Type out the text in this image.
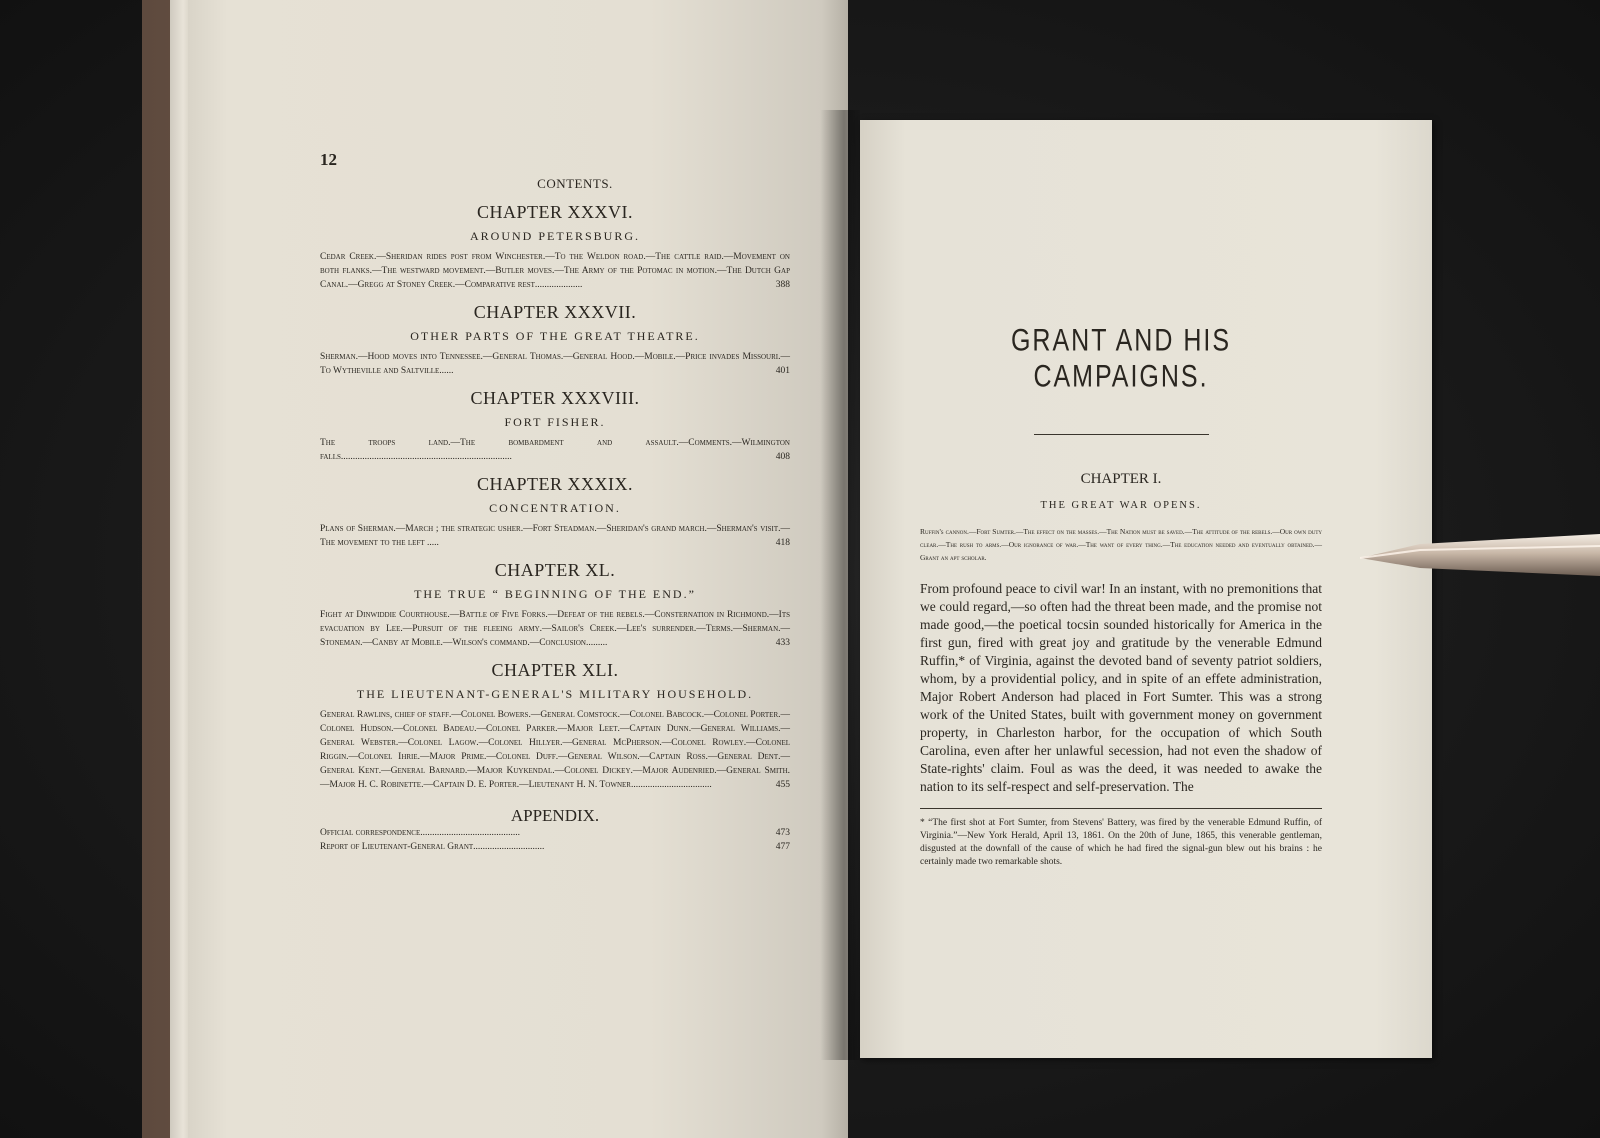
12
CONTENTS.
CHAPTER XXXVI.
AROUND PETERSBURG.
Cedar Creek.—Sheridan rides post from Winchester.—To the Weldon road.—The cattle raid.—Movement on both flanks.—The westward movement.—Butler moves.—The Army of the Potomac in motion.—The Dutch Gap Canal.—Gregg at Stoney Creek.—Comparative rest....................	388
CHAPTER XXXVII.
OTHER PARTS OF THE GREAT THEATRE.
Sherman.—Hood moves into Tennessee.—General Thomas.—General Hood.—Mobile.—Price invades Missouri.—To Wytheville and Saltville......	401
CHAPTER XXXVIII.
FORT FISHER.
The troops land.—The bombardment and assault.—Comments.—Wilmington falls........................................................................	408
CHAPTER XXXIX.
CONCENTRATION.
Plans of Sherman.—March ; the strategic usher.—Fort Steadman.—Sheridan's grand march.—Sherman's visit.—The movement to the left .....	418
CHAPTER XL.
THE TRUE “ BEGINNING OF THE END.”
Fight at Dinwiddie Courthouse.—Battle of Five Forks.—Defeat of the rebels.—Consternation in Richmond.—Its evacuation by Lee.—Pursuit of the fleeing army.—Sailor's Creek.—Lee's surrender.—Terms.—Sherman.—Stoneman.—Canby at Mobile.—Wilson's command.—Conclusion.........	433
CHAPTER XLI.
THE LIEUTENANT-GENERAL'S MILITARY HOUSEHOLD.
General Rawlins, chief of staff.—Colonel Bowers.—General Comstock.—Colonel Babcock.—Colonel Porter.—Colonel Hudson.—Colonel Badeau.—Colonel Parker.—Major Leet.—Captain Dunn.—General Williams.—General Webster.—Colonel Lagow.—Colonel Hillyer.—General McPherson.—Colonel Rowley.—Colonel Riggin.—Colonel Ihrie.—Major Prime.—Colonel Duff.—General Wilson.—Captain Ross.—General Dent.—General Kent.—General Barnard.—Major Kuykendal.—Colonel Dickey.—Major Audenried.—General Smith.—Major H. C. Robinette.—Captain D. E. Porter.—Lieutenant H. N. Towner..................................	455
APPENDIX.
Official correspondence..........................................	473
Report of Lieutenant-General Grant..............................	477
GRANT AND HIS CAMPAIGNS.
CHAPTER I.
THE GREAT WAR OPENS.
Ruffin's cannon.—Fort Sumter.—The effect on the masses.—The Nation must be saved.—The attitude of the rebels.—Our own duty clear.—The rush to arms.—Our ignorance of war.—The want of every thing.—The education needed and eventually obtained.—Grant an apt scholar.
From profound peace to civil war! In an instant, with no premonitions that we could regard,—so often had the threat been made, and the promise not made good,—the poetical tocsin sounded historically for America in the first gun, fired with great joy and gratitude by the venerable Edmund Ruffin,* of Virginia, against the devoted band of seventy patriot soldiers, whom, by a providential policy, and in spite of an effete administration, Major Robert Anderson had placed in Fort Sumter. This was a strong work of the United States, built with government money on government property, in Charleston harbor, for the occupation of which South Carolina, even after her unlawful secession, had not even the shadow of State-rights' claim. Foul as was the deed, it was needed to awake the nation to its self-respect and self-preservation. The
* “The first shot at Fort Sumter, from Stevens' Battery, was fired by the venerable Edmund Ruffin, of Virginia.”—New York Herald, April 13, 1861. On the 20th of June, 1865, this venerable gentleman, disgusted at the downfall of the cause of which he had fired the signal-gun blew out his brains : he certainly made two remarkable shots.
